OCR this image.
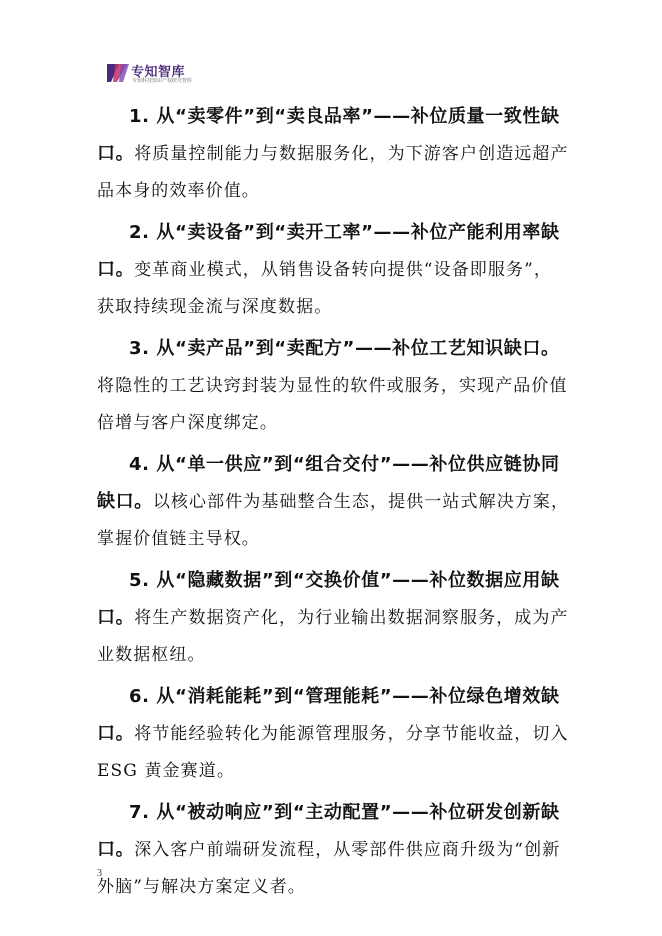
专知智库
专知科技知识产权研究智库
1. 从“卖零件”到“卖良品率”——补位质量一致性缺
口。将质量控制能力与数据服务化，为下游客户创造远超产
品本身的效率价值。
2. 从“卖设备”到“卖开工率”——补位产能利用率缺
口。变革商业模式，从销售设备转向提供“设备即服务”，
获取持续现金流与深度数据。
3. 从“卖产品”到“卖配方”——补位工艺知识缺口。
将隐性的工艺诀窍封装为显性的软件或服务，实现产品价值
倍增与客户深度绑定。
4. 从“单一供应”到“组合交付”——补位供应链协同
缺口。以核心部件为基础整合生态，提供一站式解决方案，
掌握价值链主导权。
5. 从“隐藏数据”到“交换价值”——补位数据应用缺
口。将生产数据资产化，为行业输出数据洞察服务，成为产
业数据枢纽。
6. 从“消耗能耗”到“管理能耗”——补位绿色增效缺
口。将节能经验转化为能源管理服务，分享节能收益，切入
ESG 黄金赛道。
7. 从“被动响应”到“主动配置”——补位研发创新缺
口。深入客户前端研发流程，从零部件供应商升级为“创新
外脑”与解决方案定义者。
3
